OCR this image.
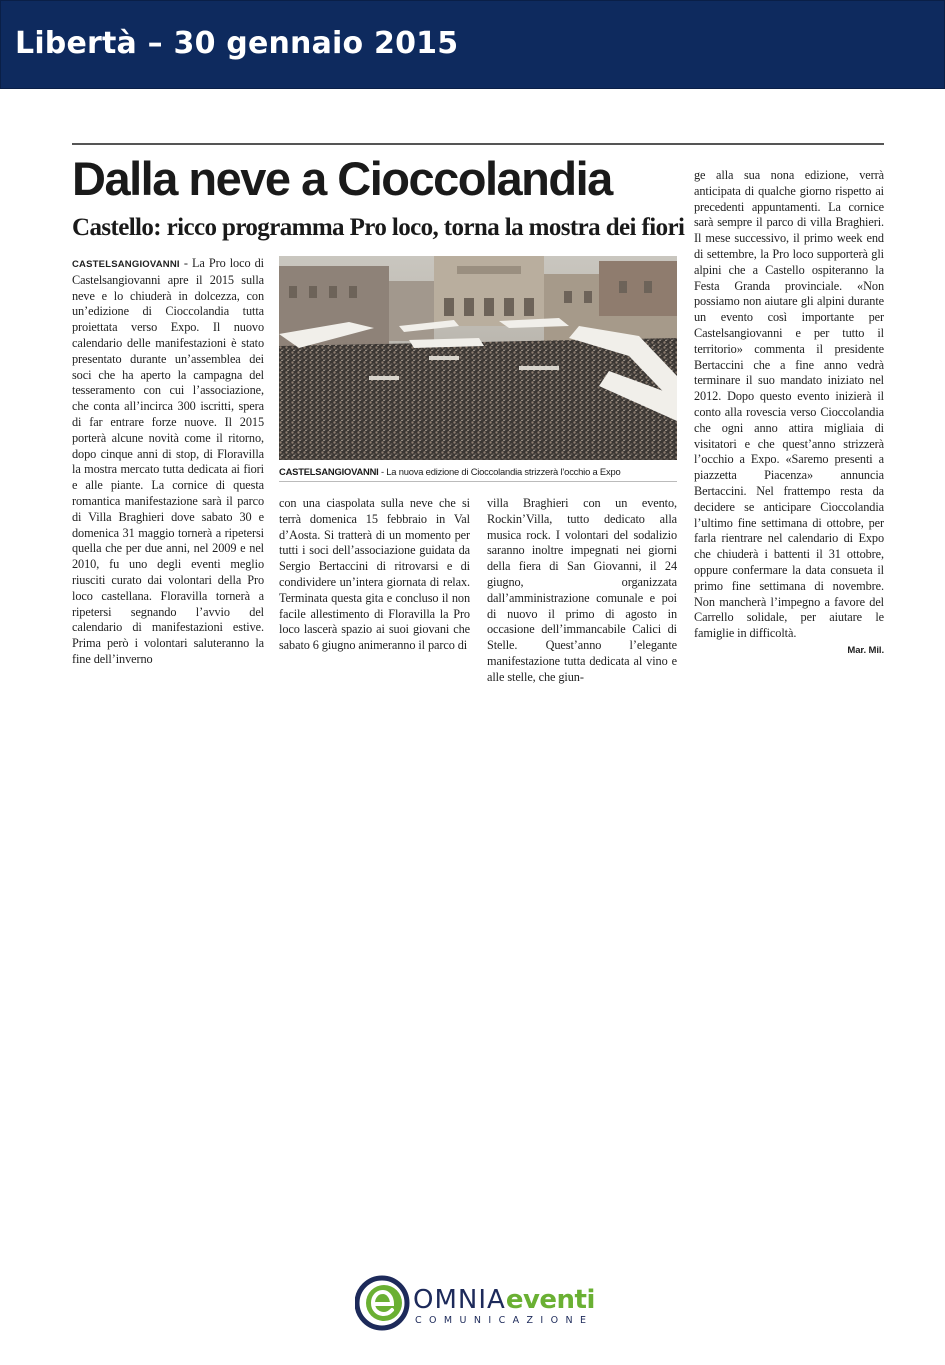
Libertà – 30 gennaio 2015
Dalla neve a Cioccolandia
Castello: ricco programma Pro loco, torna la mostra dei fiori
CASTELSANGIOVANNI - La Pro loco di Castelsangiovanni apre il 2015 sulla neve e lo chiuderà in dolcezza, con un’edizione di Cioccolandia tutta proiettata verso Expo. Il nuovo calendario delle manifestazioni è stato presentato durante un’assemblea dei soci che ha aperto la campagna del tesseramento con cui l’associazione, che conta all’incirca 300 iscritti, spera di far entrare forze nuove. Il 2015 porterà alcune novità come il ritorno, dopo cinque anni di stop, di Floravilla la mostra mercato tutta dedicata ai fiori e alle piante. La cornice di questa romantica manifestazione sarà il parco di Villa Braghieri dove sabato 30 e domenica 31 maggio tornerà a ripetersi quella che per due anni, nel 2009 e nel 2010, fu uno degli eventi meglio riusciti curato dai volontari della Pro loco castellana. Floravilla tornerà a ripetersi segnando l’avvio del calendario di manifestazioni estive. Prima però i volontari saluteranno la fine dell’inverno
CASTELSANGIOVANNI - La nuova edizione di Cioccolandia strizzerà l’occhio a Expo
con una ciaspolata sulla neve che si terrà domenica 15 febbraio in Val d’Aosta. Si tratterà di un momento per tutti i soci dell’associazione guidata da Sergio Bertaccini di ritrovarsi e di condividere un’intera giornata di relax. Terminata questa gita e concluso il non facile allestimento di Floravilla la Pro loco lascerà spazio ai suoi giovani che sabato 6 giugno animeranno il parco di
villa Braghieri con un evento, Rockin’Villa, tutto dedicato alla musica rock. I volontari del sodalizio saranno inoltre impegnati nei giorni della fiera di San Giovanni, il 24 giugno, organizzata dall’amministrazione comunale e poi di nuovo il primo di agosto in occasione dell’immancabile Calici di Stelle. Quest’anno l’elegante manifestazione tutta dedicata al vino e alle stelle, che giun-
ge alla sua nona edizione, verrà anticipata di qualche giorno rispetto ai precedenti appuntamenti. La cornice sarà sempre il parco di villa Braghieri. Il mese successivo, il primo week end di settembre, la Pro loco supporterà gli alpini che a Castello ospiteranno la Festa Granda provinciale. «Non possiamo non aiutare gli alpini durante un evento così importante per Castelsangiovanni e per tutto il territorio» commenta il presidente Bertaccini che a fine anno vedrà terminare il suo mandato iniziato nel 2012. Dopo questo evento inizierà il conto alla rovescia verso Cioccolandia che ogni anno attira migliaia di visitatori e che quest’anno strizzerà l’occhio a Expo. «Saremo presenti a piazzetta Piacenza» annuncia Bertaccini. Nel frattempo resta da decidere se anticipare Cioccolandia l’ultimo fine settimana di ottobre, per farla rientrare nel calendario di Expo che chiuderà i battenti il 31 ottobre, oppure confermare la data consueta il primo fine settimana di novembre. Non mancherà l’impegno a favore del Carrello solidale, per aiutare le famiglie in difficoltà.
Mar. Mil.
OMNIAeventi
COMUNICAZIONE
